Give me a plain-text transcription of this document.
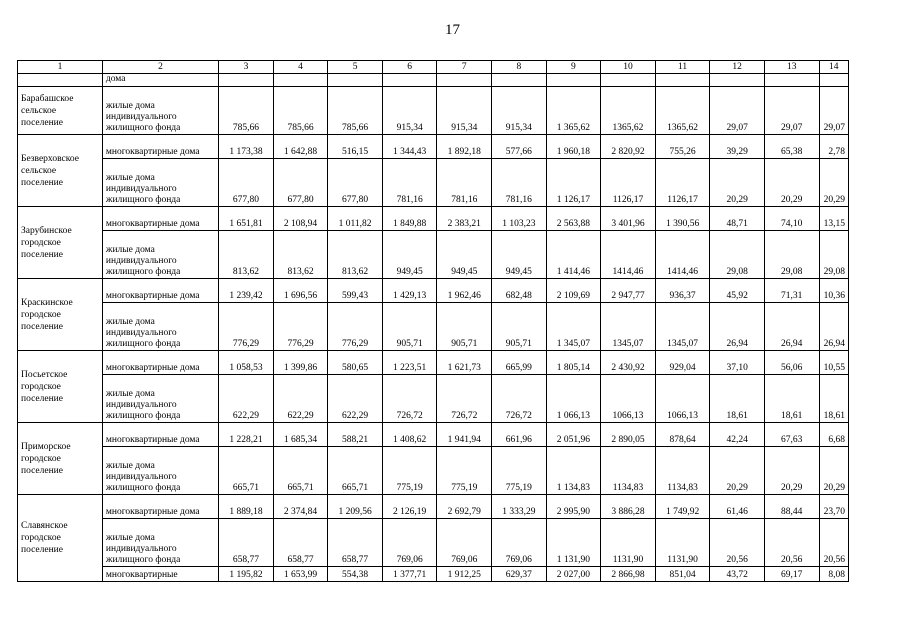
17
1	2	3	4	5	6	7	8	9	10	11	12	13	14
	дома												
Барабашское сельское поселение	жилые дома индивидуального жилищного фонда	785,66	785,66	785,66	915,34	915,34	915,34	1 365,62	1365,62	1365,62	29,07	29,07	29,07
Безверховское сельское поселение	многоквартирные дома	1 173,38	1 642,88	516,15	1 344,43	1 892,18	577,66	1 960,18	2 820,92	755,26	39,29	65,38	2,78
	жилые дома индивидуального жилищного фонда	677,80	677,80	677,80	781,16	781,16	781,16	1 126,17	1126,17	1126,17	20,29	20,29	20,29
Зарубинское городское поселение	многоквартирные дома	1 651,81	2 108,94	1 011,82	1 849,88	2 383,21	1 103,23	2 563,88	3 401,96	1 390,56	48,71	74,10	13,15
	жилые дома индивидуального жилищного фонда	813,62	813,62	813,62	949,45	949,45	949,45	1 414,46	1414,46	1414,46	29,08	29,08	29,08
Краскинское городское поселение	многоквартирные дома	1 239,42	1 696,56	599,43	1 429,13	1 962,46	682,48	2 109,69	2 947,77	936,37	45,92	71,31	10,36
	жилые дома индивидуального жилищного фонда	776,29	776,29	776,29	905,71	905,71	905,71	1 345,07	1345,07	1345,07	26,94	26,94	26,94
Посьетское городское поселение	многоквартирные дома	1 058,53	1 399,86	580,65	1 223,51	1 621,73	665,99	1 805,14	2 430,92	929,04	37,10	56,06	10,55
	жилые дома индивидуального жилищного фонда	622,29	622,29	622,29	726,72	726,72	726,72	1 066,13	1066,13	1066,13	18,61	18,61	18,61
Приморское городское поселение	многоквартирные дома	1 228,21	1 685,34	588,21	1 408,62	1 941,94	661,96	2 051,96	2 890,05	878,64	42,24	67,63	6,68
	жилые дома индивидуального жилищного фонда	665,71	665,71	665,71	775,19	775,19	775,19	1 134,83	1134,83	1134,83	20,29	20,29	20,29
Славянское городское поселение	многоквартирные дома	1 889,18	2 374,84	1 209,56	2 126,19	2 692,79	1 333,29	2 995,90	3 886,28	1 749,92	61,46	88,44	23,70
	жилые дома индивидуального жилищного фонда	658,77	658,77	658,77	769,06	769,06	769,06	1 131,90	1131,90	1131,90	20,56	20,56	20,56
	многоквартирные	1 195,82	1 653,99	554,38	1 377,71	1 912,25	629,37	2 027,00	2 866,98	851,04	43,72	69,17	8,08
